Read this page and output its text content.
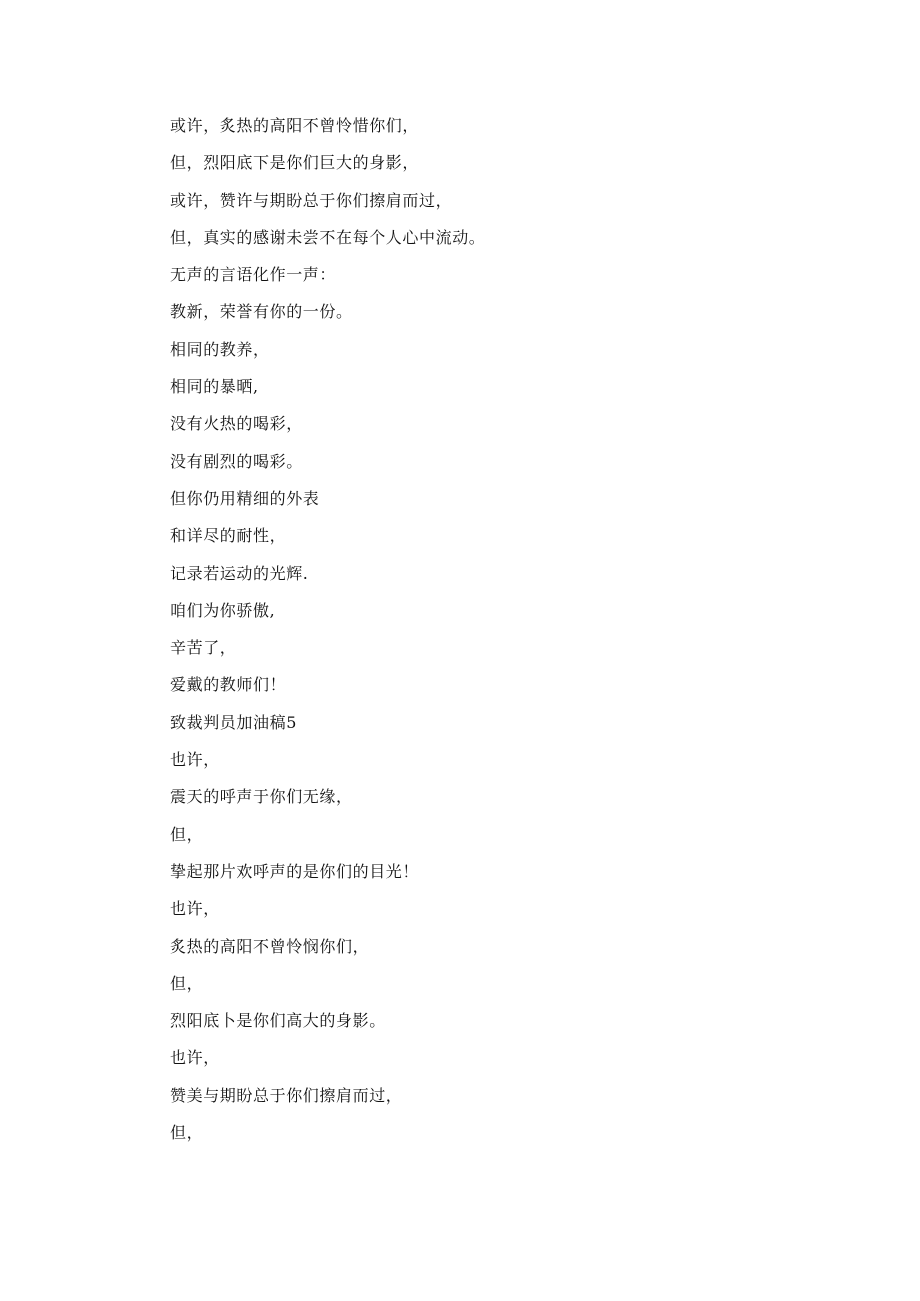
或许，炙热的高阳不曾怜惜你们，
但，烈阳底下是你们巨大的身影，
或许，赞许与期盼总于你们擦肩而过，
但，真实的感谢未尝不在每个人心中流动。
无声的言语化作一声：
教新，荣誉有你的一份。
相同的教养，
相同的暴晒,
没有火热的喝彩，
没有剧烈的喝彩。
但你仍用精细的外表
和详尽的耐性，
记录若运动的光辉.
咱们为你骄傲,
辛苦了，
爱戴的教师们！
致裁判员加油稿5
也许，
震天的呼声于你们无缘，
但，
挚起那片欢呼声的是你们的目光！
也许，
炙热的高阳不曾怜悯你们，
但，
烈阳底卜是你们高大的身影。
也许，
赞美与期盼总于你们擦肩而过，
但，
